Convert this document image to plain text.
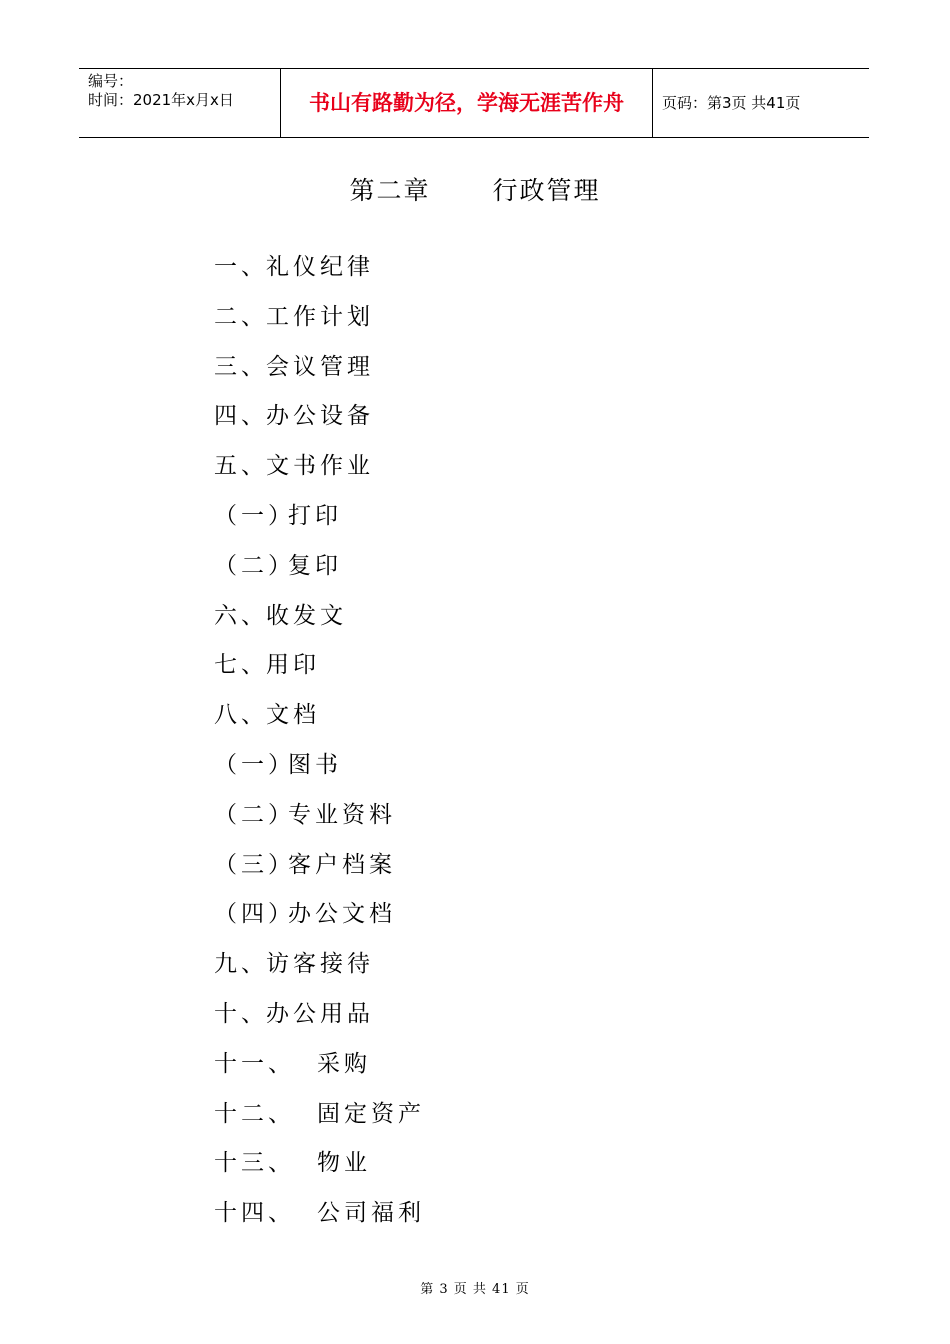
编号：
时间：2021年x月x日	书山有路勤为径，学海无涯苦作舟	页码：第3页 共41页
第二章 行政管理
一、礼仪纪律
二、工作计划
三、会议管理
四、办公设备
五、文书作业
（一）打印
（二）复印
六、收发文
七、用印
八、文档
（一）图书
（二）专业资料
（三）客户档案
（四）办公文档
九、访客接待
十、办公用品
十一、 采购
十二、 固定资产
十三、 物业
十四、 公司福利
第 3 页 共 41 页
